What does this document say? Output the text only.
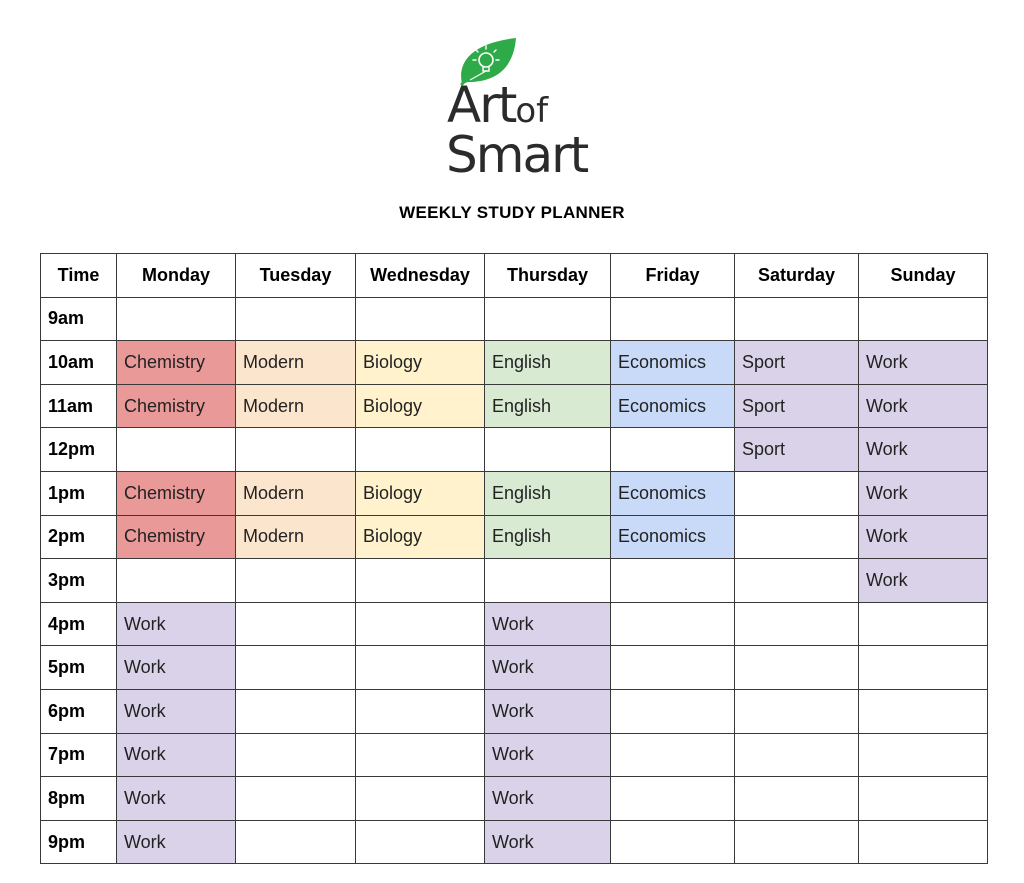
Artof
Smart
WEEKLY STUDY PLANNER
Time	Monday	Tuesday	Wednesday	Thursday	Friday	Saturday	Sunday
9am							
10am	Chemistry	Modern	Biology	English	Economics	Sport	Work
11am	Chemistry	Modern	Biology	English	Economics	Sport	Work
12pm						Sport	Work
1pm	Chemistry	Modern	Biology	English	Economics		Work
2pm	Chemistry	Modern	Biology	English	Economics		Work
3pm							Work
4pm	Work			Work			
5pm	Work			Work			
6pm	Work			Work			
7pm	Work			Work			
8pm	Work			Work			
9pm	Work			Work			
